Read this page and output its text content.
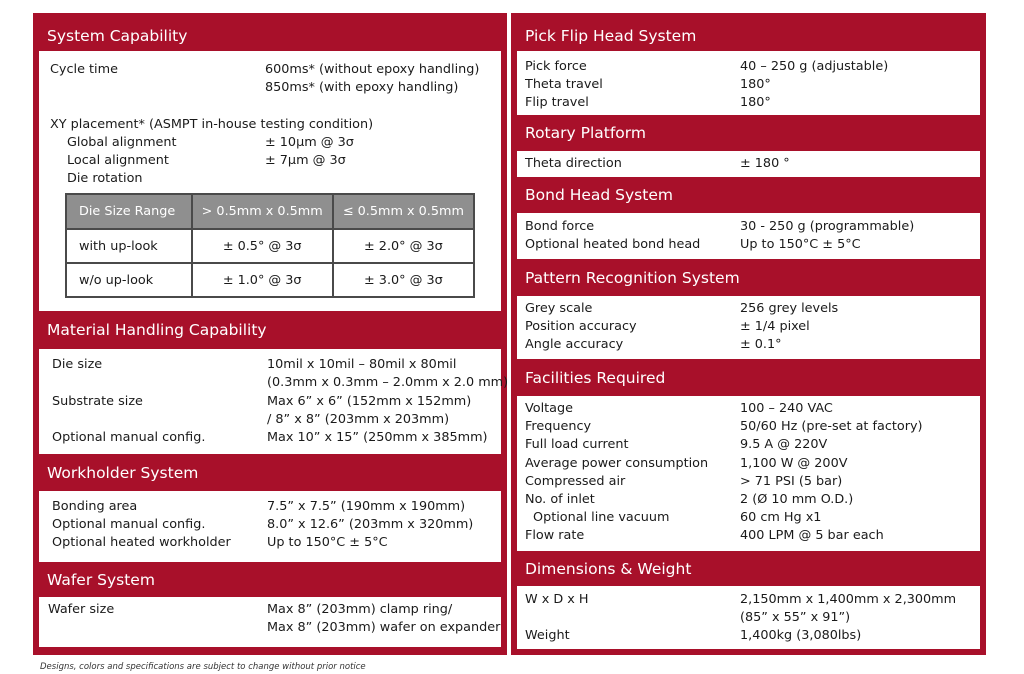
System Capability
Cycle time	600ms* (without epoxy handling)
850ms* (with epoxy handling)
XY placement* (ASMPT in-house testing condition)
Global alignment	± 10μm @ 3σ
Local alignment	± 7μm @ 3σ
Die rotation
Die Size Range	> 0.5mm x 0.5mm	≤ 0.5mm x 0.5mm
with up-look	± 0.5° @ 3σ	± 2.0° @ 3σ
w/o up-look	± 1.0° @ 3σ	± 3.0° @ 3σ
Material Handling Capability
Die size	10mil x 10mil – 80mil x 80mil
(0.3mm x 0.3mm – 2.0mm x 2.0 mm)
Substrate size	Max 6” x 6” (152mm x 152mm)
/ 8” x 8” (203mm x 203mm)
Optional manual config.	Max 10” x 15” (250mm x 385mm)
Workholder System
Bonding area	7.5” x 7.5” (190mm x 190mm)
Optional manual config.	8.0” x 12.6” (203mm x 320mm)
Optional heated workholder	Up to 150°C ± 5°C
Wafer System
Wafer size	Max 8” (203mm) clamp ring/
Max 8” (203mm) wafer on expander
Pick Flip Head System
Pick force	40 – 250 g (adjustable)
Theta travel	180°
Flip travel	180°
Rotary Platform
Theta direction	± 180 °
Bond Head System
Bond force	30 - 250 g (programmable)
Optional heated bond head	Up to 150°C ± 5°C
Pattern Recognition System
Grey scale	256 grey levels
Position accuracy	± 1/4 pixel
Angle accuracy	± 0.1°
Facilities Required
Voltage	100 – 240 VAC
Frequency	50/60 Hz (pre-set at factory)
Full load current	9.5 A @ 220V
Average power consumption 1,100 W @ 200V
Compressed air	> 71 PSI (5 bar)
No. of inlet	2 (Ø 10 mm O.D.)
Optional line vacuum	60 cm Hg x1
Flow rate	400 LPM @ 5 bar each
Dimensions & Weight
W x D x H	2,150mm x 1,400mm x 2,300mm
(85” x 55” x 91”)
Weight	1,400kg (3,080lbs)
Designs, colors and specifications are subject to change without prior notice
